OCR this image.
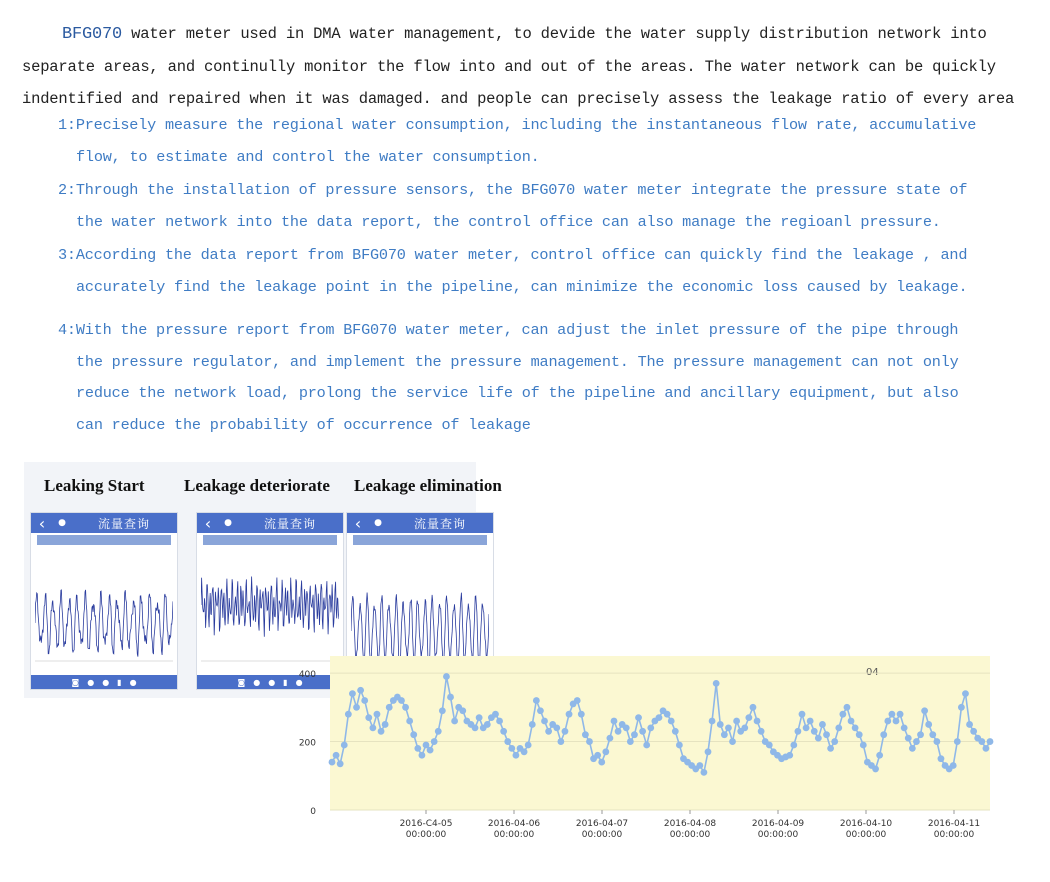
BFG070 water meter used in DMA water management, to devide the water supply distribution network into
separate areas, and continully monitor the flow into and out of the areas. The water network can be quickly
indentified and repaired when it was damaged. and people can precisely assess the leakage ratio of every area
1:Precisely measure the regional water consumption, including the instantaneous flow rate, accumulative
flow, to estimate and control the water consumption.
2:Through the installation of pressure sensors, the BFG070 water meter integrate the pressure state of
the water network into the data report, the control office can also manage the regioanl pressure.
3:According the data report from BFG070 water meter, control office can quickly find the leakage , and
accurately find the leakage point in the pipeline, can minimize the economic loss caused by leakage.
4:With the pressure report from BFG070 water meter, can adjust the inlet pressure of the pipe through
the pressure regulator, and implement the pressure management. The pressure management can not only
reduce the network load, prolong the service life of the pipeline and ancillary equipment, but also
can reduce the probability of occurrence of leakage
Leaking Start Leakage deteriorate Leakage elimination
‹	●	流量查询
◙ ● ● ▮ ●
‹	●	流量查询
◙ ● ● ▮ ●
‹	●	流量查询
04
400
200
0
2016-C4-05
00:00:00
2016-04-06
00:00:00
2016-04-07
00:00:00
2016-04-08
00:00:00
2016-04-09
00:00:00
2016-04-10
00:00:00
2016-04-11
00:00:00
